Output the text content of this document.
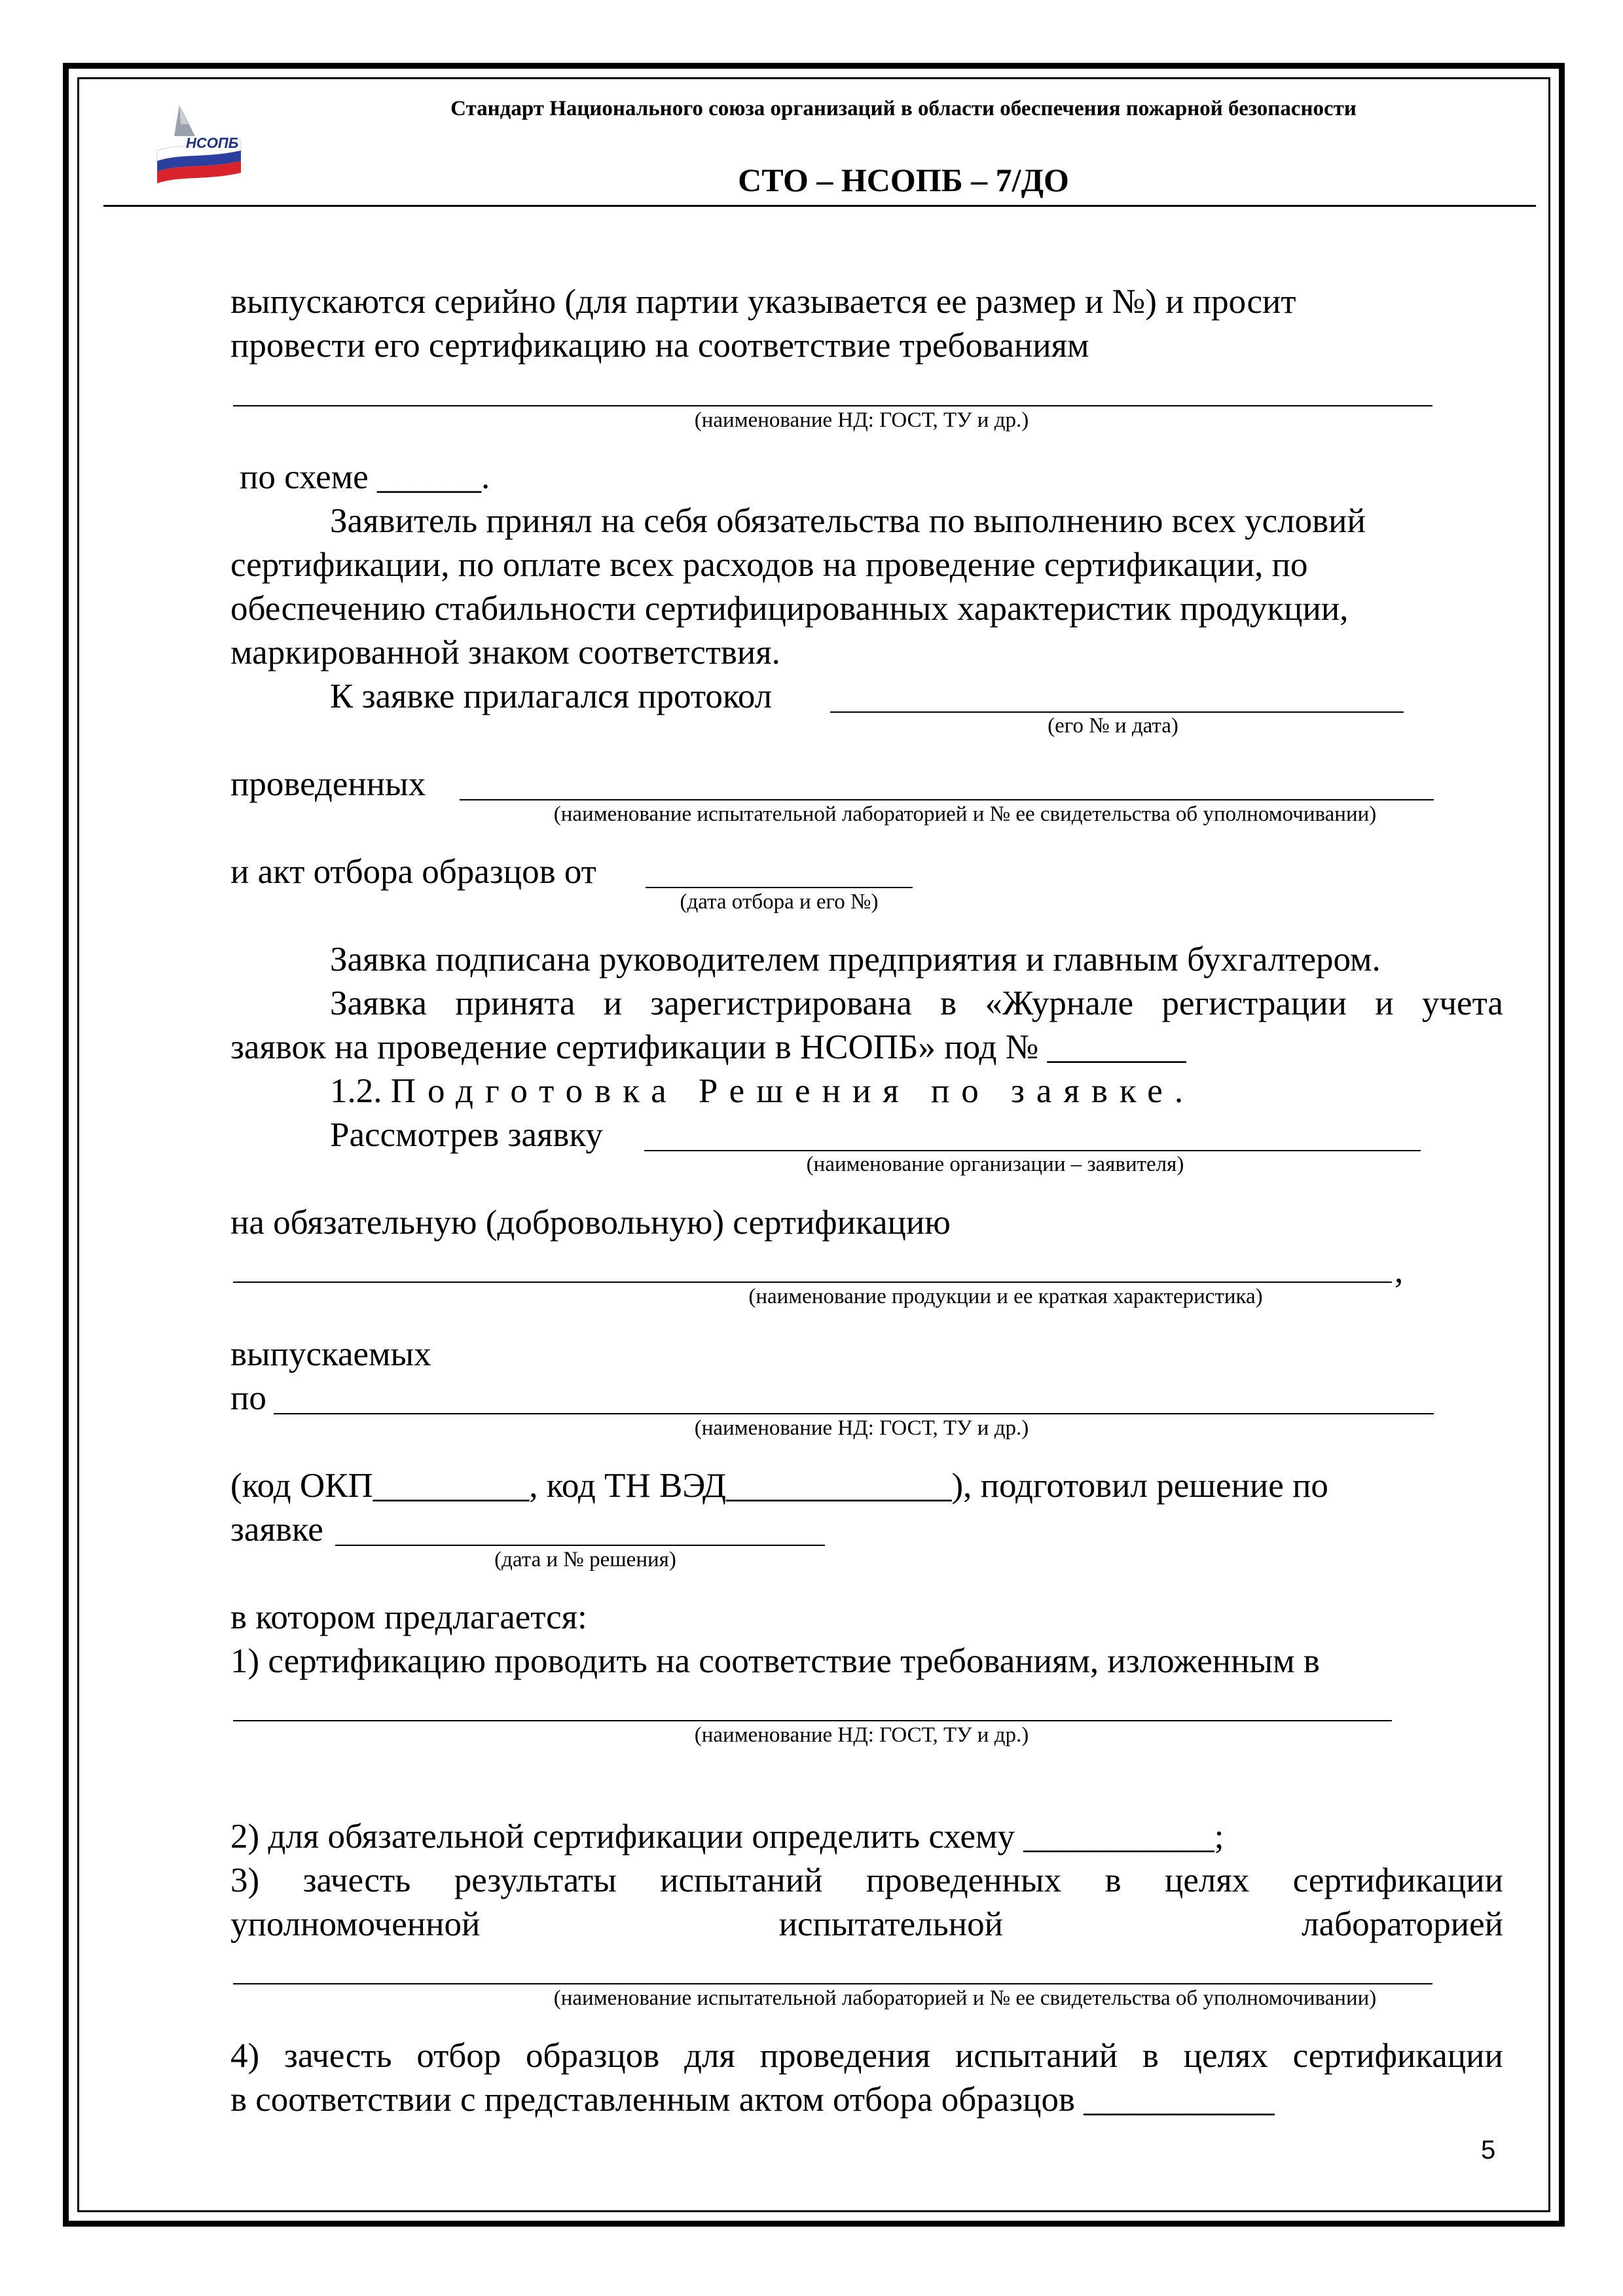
НСОПБ
Стандарт Национального союза организаций в области обеспечения пожарной безопасности
СТО – НСОПБ – 7/ДО
выпускаются серийно (для партии указывается ее размер и №) и просит
провести его сертификацию на соответствие требованиям
(наименование НД: ГОСТ, ТУ и др.)
по схеме ______.
Заявитель принял на себя обязательства по выполнению всех условий
сертификации, по оплате всех расходов на проведение сертификации, по
обеспечению стабильности сертифицированных характеристик продукции,
маркированной знаком соответствия.
К заявке прилагался протокол
(его № и дата)
проведенных
(наименование испытательной лабораторией и № ее свидетельства об уполномочивании)
и акт отбора образцов от
(дата отбора и его №)
Заявка подписана руководителем предприятия и главным бухгалтером.
Заявка принята и зарегистрирована в «Журнале регистрации и учета
заявок на проведение сертификации в НСОПБ» под № ________
1.2. Подготовка Решения по заявке.
Рассмотрев заявку
(наименование организации – заявителя)
на обязательную (добровольную) сертификацию
,
(наименование продукции и ее краткая характеристика)
выпускаемых
по
(наименование НД: ГОСТ, ТУ и др.)
(код ОКП_________, код ТН ВЭД_____________), подготовил решение по
заявке
(дата и № решения)
в котором предлагается:
1) сертификацию проводить на соответствие требованиям, изложенным в
(наименование НД: ГОСТ, ТУ и др.)
2) для обязательной сертификации определить схему ___________;
3) зачесть результаты испытаний проведенных в целях сертификации
уполномоченной	испытательной	лабораторией
(наименование испытательной лабораторией и № ее свидетельства об уполномочивании)
4) зачесть отбор образцов для проведения испытаний в целях сертификации
в соответствии с представленным актом отбора образцов ___________
5
